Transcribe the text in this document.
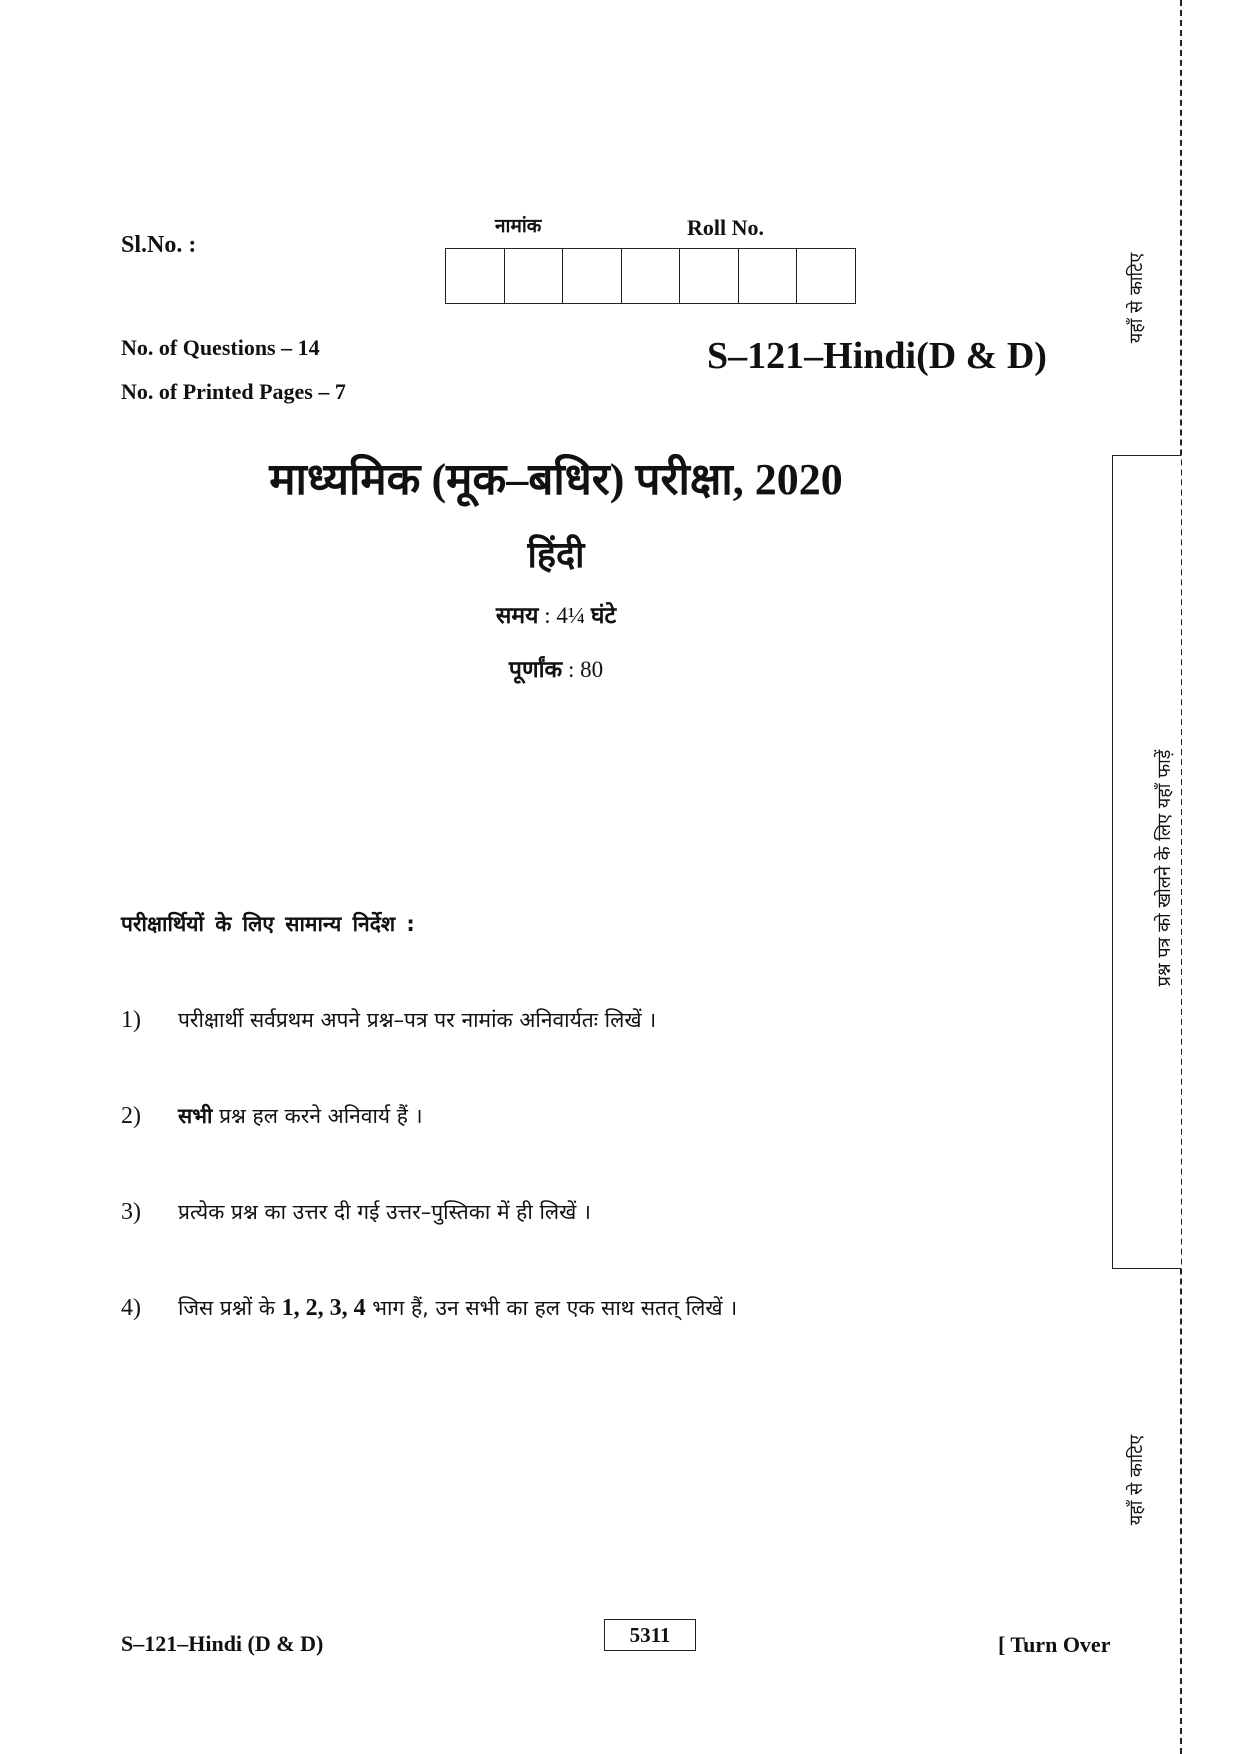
Sl.No. :
नामांक	Roll No.
No. of Questions – 14
No. of Printed Pages – 7
S–121–Hindi(D & D)
माध्यमिक (मूक–बधिर) परीक्षा, 2020
हिंदी
समय : 4¼ घंटे
पूर्णांक : 80
परीक्षार्थियों के लिए सामान्य निर्देश :
1)	परीक्षार्थी सर्वप्रथम अपने प्रश्न–पत्र पर नामांक अनिवार्यतः लिखें ।
2)	सभी प्रश्न हल करने अनिवार्य हैं ।
3)	प्रत्येक प्रश्न का उत्तर दी गई उत्तर–पुस्तिका में ही लिखें ।
4)	जिस प्रश्नों के 1, 2, 3, 4 भाग हैं, उन सभी का हल एक साथ सतत् लिखें ।
S–121–Hindi (D & D)	5311	[ Turn Over
यहाँ से काटिए
प्रश्न पत्र को खोलने के लिए यहाँ फाड़ें
यहाँ से काटिए
